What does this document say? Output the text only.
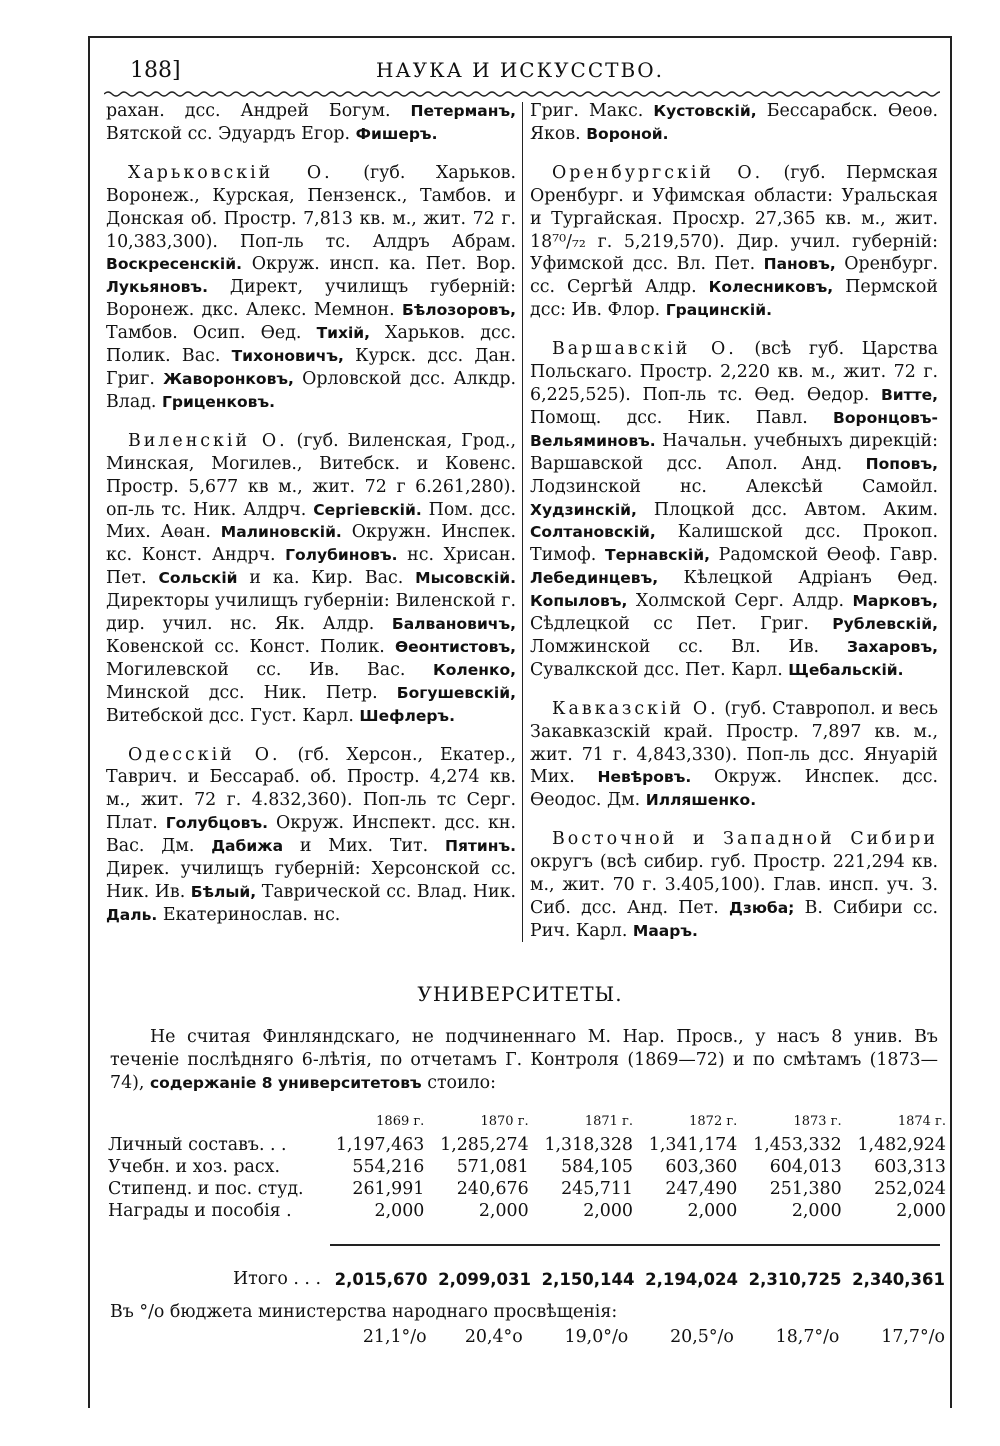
188]	НАУКА И ИСКУССТВО.

рахан. дсс. Андрей Богум. Петерманъ, Вятской сс. Эдуардъ Егор. Фишеръ.

Харьковскій О. (губ. Харьков. Воронеж., Курская, Пензенск., Тамбов. и Донская об. Простр. 7,813 кв. м., жит. 72 г. 10,383,300). Поп-ль тс. Алдръ Абрам. Воскресенскій. Окруж. инсп. ка. Пет. Вор. Лукьяновъ. Директ, училищъ губерній: Воронеж. дкс. Алекс. Мемнон. Бѣлозоровъ, Тамбов. Осип. Ѳед. Тихій, Харьков. дсс. Полик. Вас. Тихоновичъ, Курск. дсс. Дан. Григ. Жаворонковъ, Орловской дсс. Алкдр. Влад. Гриценковъ.

Виленскій О. (губ. Виленская, Грод., Минская, Могилев., Витебск. и Ковенс. Простр. 5,677 кв м., жит. 72 г 6.261,280). оп-ль тс. Ник. Алдрч. Сергіевскій. Пом. дсс. Мих. Аѳан. Малиновскій. Окружн. Инспек. кс. Конст. Андрч. Голубиновъ. нс. Хрисан. Пет. Сольскій и ка. Кир. Вас. Мысовскій. Директоры училищъ губерніи: Виленской г. дир. учил. нс. Як. Алдр. Балвановичъ, Ковенской сс. Конст. Полик. Ѳеонтистовъ, Могилевской сс. Ив. Вас. Коленко, Минской дсс. Ник. Петр. Богушевскій, Витебской дсс. Густ. Карл. Шефлеръ.

Одесскій О. (гб. Херсон., Екатер., Таврич. и Бессараб. об. Простр. 4,274 кв. м., жит. 72 г. 4.832,360). Поп-ль тс Серг. Плат. Голубцовъ. Окруж. Инспект. дсс. кн. Вас. Дм. Дабижа и Мих. Тит. Пятинъ. Дирек. училищъ губерній: Херсонской сс. Ник. Ив. Бѣлый, Таврической сс. Влад. Ник. Даль. Екатеринослав. нс.

Григ. Макс. Кустовскій, Бессарабск. Ѳеоѳ. Яков. Вороной.

Оренбургскій О. (губ. Пермская Оренбург. и Уфимская области: Уральская и Тургайская. Просхр. 27,365 кв. м., жит. 18⁷⁰/₇₂ г. 5,219,570). Дир. учил. губерній: Уфимской дсс. Вл. Пет. Пановъ, Оренбург. сс. Сергѣй Алдр. Колесниковъ, Пермской дсс: Ив. Флор. Грацинскій.

Варшавскій О. (всѣ губ. Царства Польскаго. Простр. 2,220 кв. м., жит. 72 г. 6,225,525). Поп-ль тс. Ѳед. Ѳедор. Витте, Помощ. дсс. Ник. Павл. Воронцовъ-Вельяминовъ. Начальн. учебныхъ дирекцій: Варшавской дсс. Апол. Анд. Поповъ, Лодзинской нс. Алексѣй Самойл. Худзинскій, Плоцкой дсс. Автом. Аким. Солтановскій, Калишской дсс. Прокоп. Тимоф. Тернавскій, Радомской Ѳеоф. Гавр. Лебединцевъ, Кѣлецкой Адріанъ Ѳед. Копыловъ, Холмской Серг. Алдр. Марковъ, Сѣдлецкой сс Пет. Григ. Рублевскій, Ломжинской сс. Вл. Ив. Захаровъ, Сувалкской дсс. Пет. Карл. Щебальскій.

Кавказскій О. (губ. Ставропол. и весь Закавказскій край. Простр. 7,897 кв. м., жит. 71 г. 4,843,330). Поп-ль дсс. Януарій Мих. Невѣровъ. Окруж. Инспек. дсс. Ѳеодос. Дм. Илляшенко.

Восточной и Западной Сибири округъ (всѣ сибир. губ. Простр. 221,294 кв. м., жит. 70 г. 3.405,100). Глав. инсп. уч. З. Сиб. дсс. Анд. Пет. Дзюба; В. Сибири сс. Рич. Карл. Мааръ.

УНИВЕРСИТЕТЫ.

Не считая Финляндскаго, не подчиненнаго М. Нар. Просв., у насъ 8 унив. Въ теченіе послѣдняго 6-лѣтія, по отчетамъ Г. Контроля (1869—72) и по смѣтамъ (1873—74), содержаніе 8 университетовъ стоило:

	1869 г.	1870 г.	1871 г.	1872 г.	1873 г.	1874 г.
Личный составъ. . .	1,197,463	1,285,274	1,318,328	1,341,174	1,453,332	1,482,924
Учебн. и хоз. расх.	554,216	571,081	584,105	603,360	604,013	603,313
Стипенд. и пос. студ.	261,991	240,676	245,711	247,490	251,380	252,024
Награды и пособія .	2,000	2,000	2,000	2,000	2,000	2,000
Итого . . .	2,015,670	2,099,031	2,150,144	2,194,024	2,310,725	2,340,361
Въ °/о бюджета министерства народнаго просвѣщенія:
	21,1°/о	20,4°о	19,0°/о	20,5°/о	18,7°/о	17,7°/о
